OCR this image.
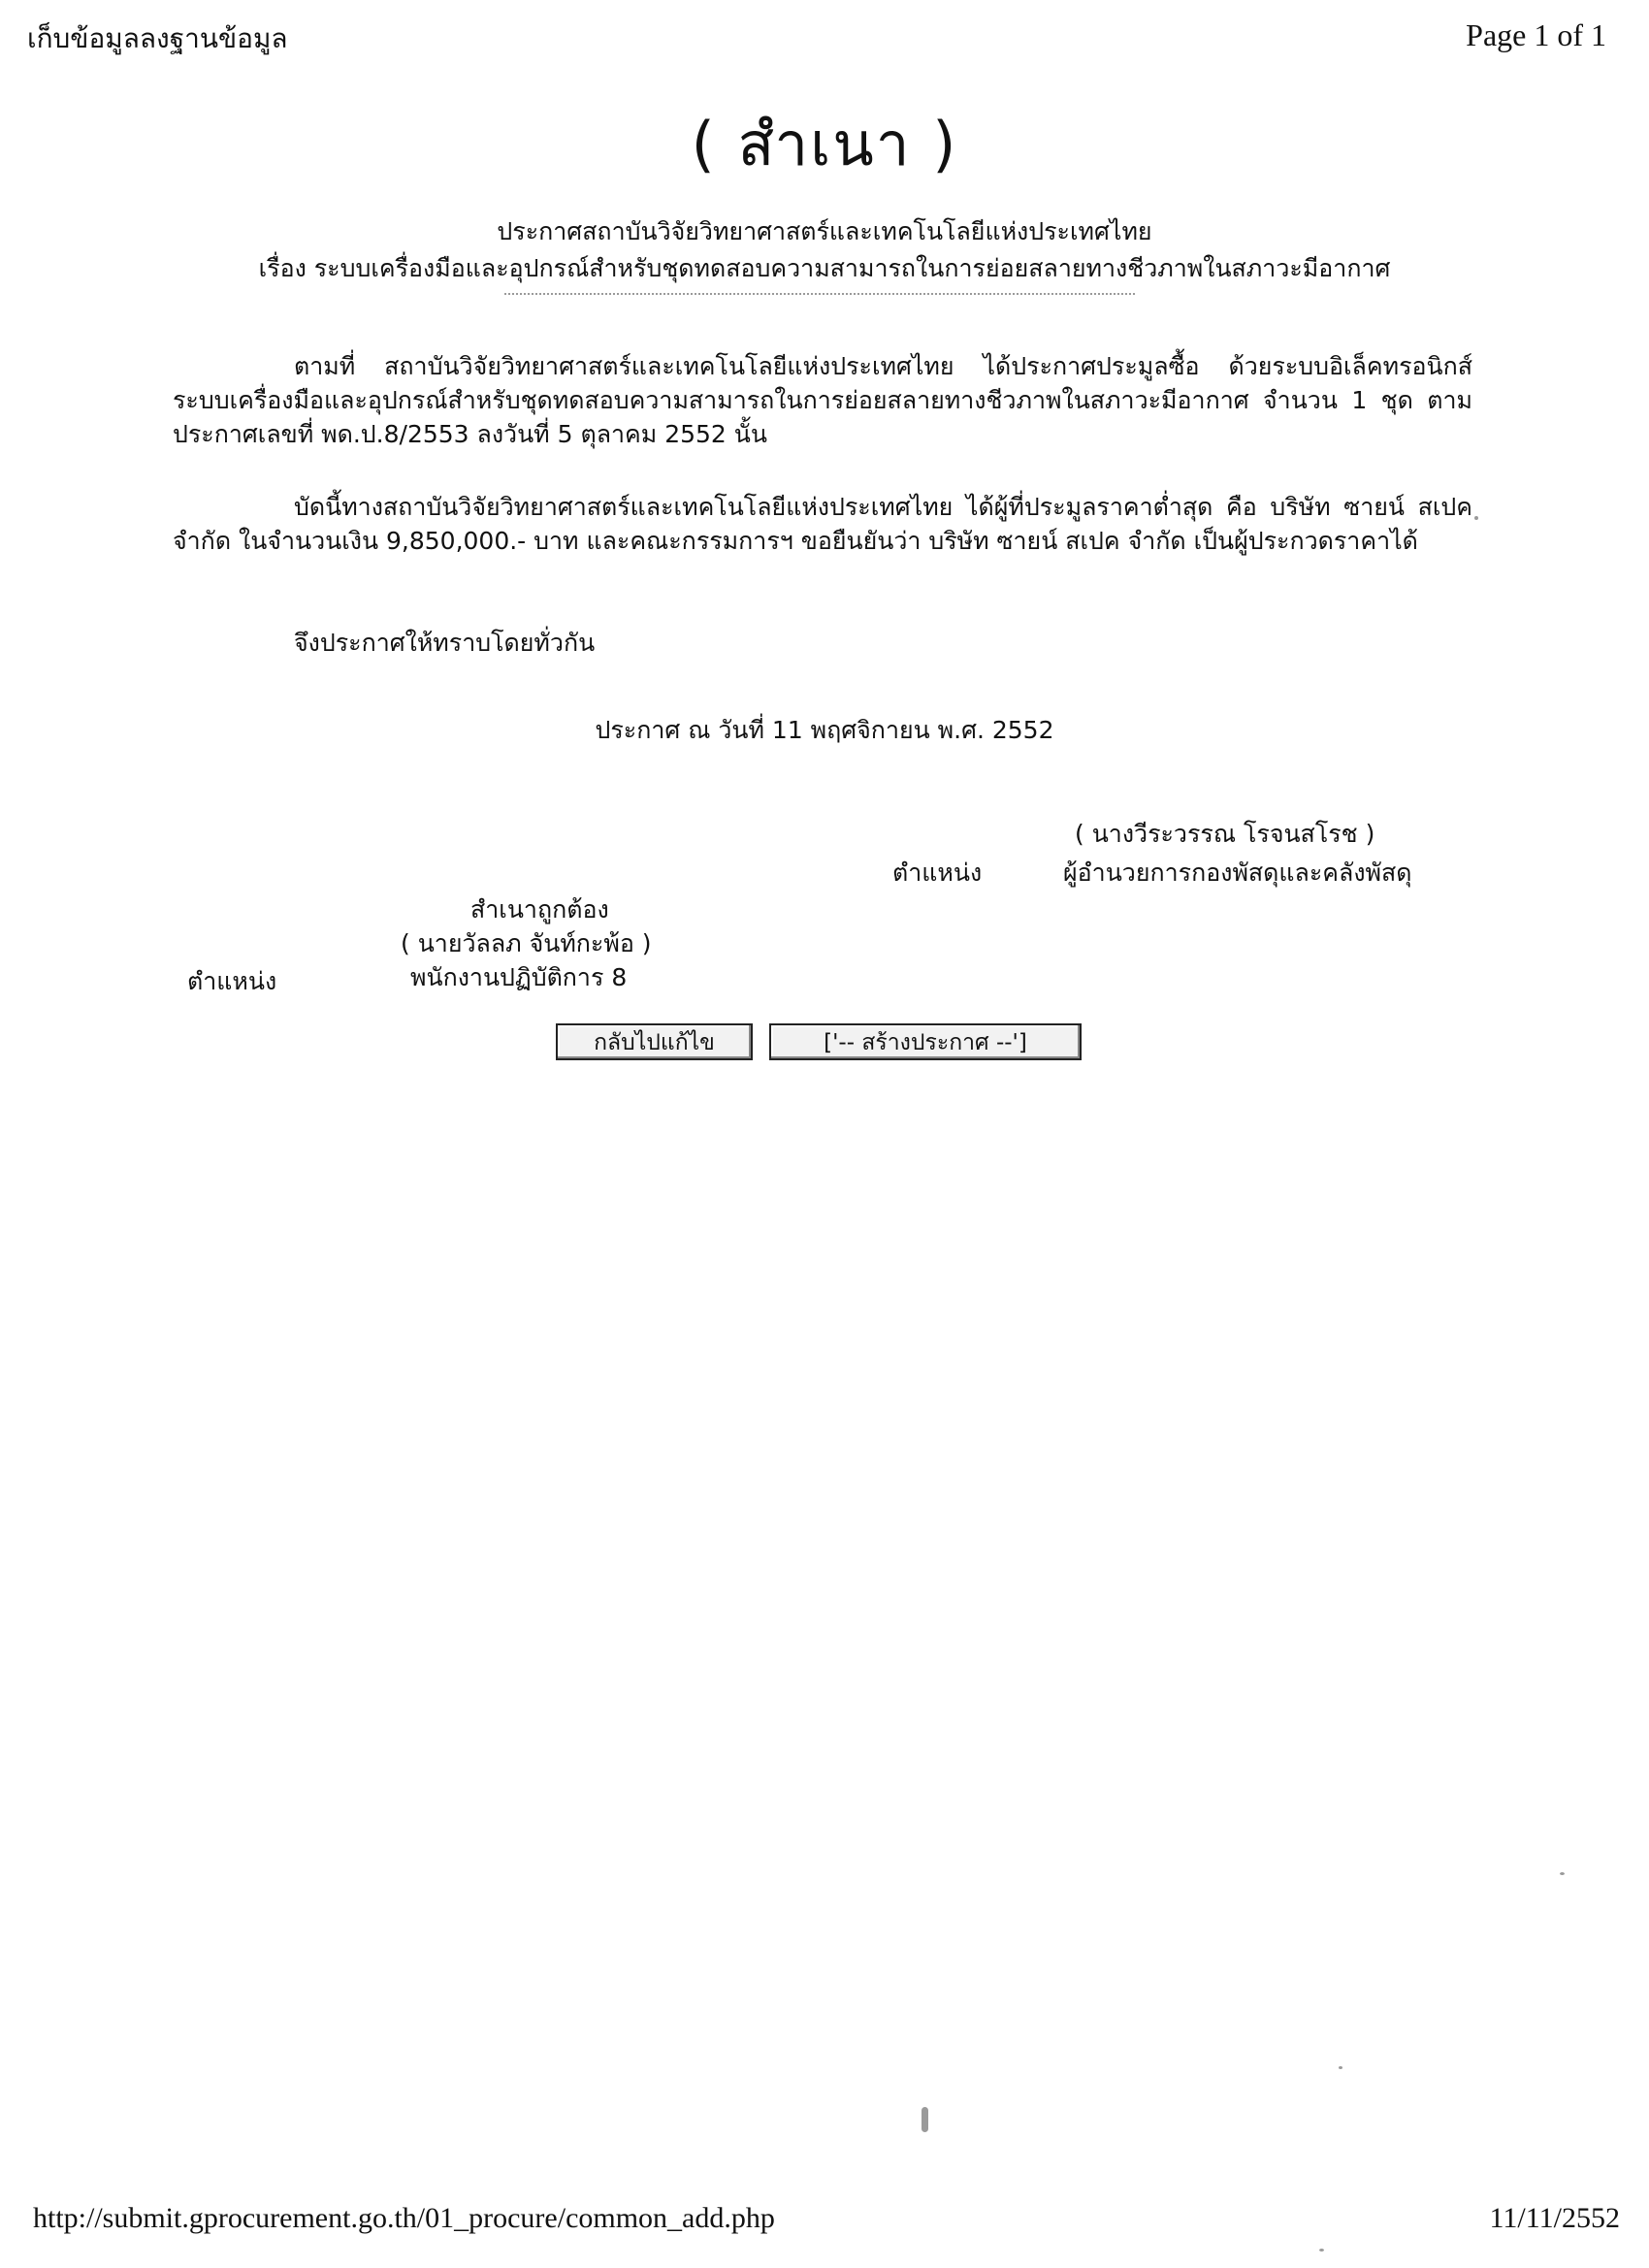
เก็บข้อมูลลงฐานข้อมูล	Page 1 of 1
( สำเนา )
ประกาศสถาบันวิจัยวิทยาศาสตร์และเทคโนโลยีแห่งประเทศไทย
เรื่อง ระบบเครื่องมือและอุปกรณ์สำหรับชุดทดสอบความสามารถในการย่อยสลายทางชีวภาพในสภาวะมีอากาศ

ตามที่ สถาบันวิจัยวิทยาศาสตร์และเทคโนโลยีแห่งประเทศไทย ได้ประกาศประมูลซื้อ ด้วยระบบอิเล็คทรอนิกส์ ระบบเครื่องมือและอุปกรณ์สำหรับชุดทดสอบความสามารถในการย่อยสลายทางชีวภาพในสภาวะมีอากาศ จำนวน 1 ชุด ตามประกาศเลขที่ พด.ป.8/2553 ลงวันที่ 5 ตุลาคม 2552 นั้น

บัดนี้ทางสถาบันวิจัยวิทยาศาสตร์และเทคโนโลยีแห่งประเทศไทย ได้ผู้ที่ประมูลราคาต่ำสุด คือ บริษัท ซายน์ สเปค จำกัด ในจำนวนเงิน 9,850,000.- บาท และคณะกรรมการฯ ขอยืนยันว่า บริษัท ซายน์ สเปค จำกัด เป็นผู้ประกวดราคาได้

จึงประกาศให้ทราบโดยทั่วกัน

ประกาศ ณ วันที่ 11 พฤศจิกายน พ.ศ. 2552
( นางวีระวรรณ โรจนสโรช )
ตำแหน่ง	ผู้อำนวยการกองพัสดุและคลังพัสดุ
สำเนาถูกต้อง
( นายวัลลภ จันท์กะพ้อ )
ตำแหน่ง	พนักงานปฏิบัติการ 8
กลับไปแก้ไข	['-- สร้างประกาศ --']
http://submit.gprocurement.go.th/01_procure/common_add.php	11/11/2552
